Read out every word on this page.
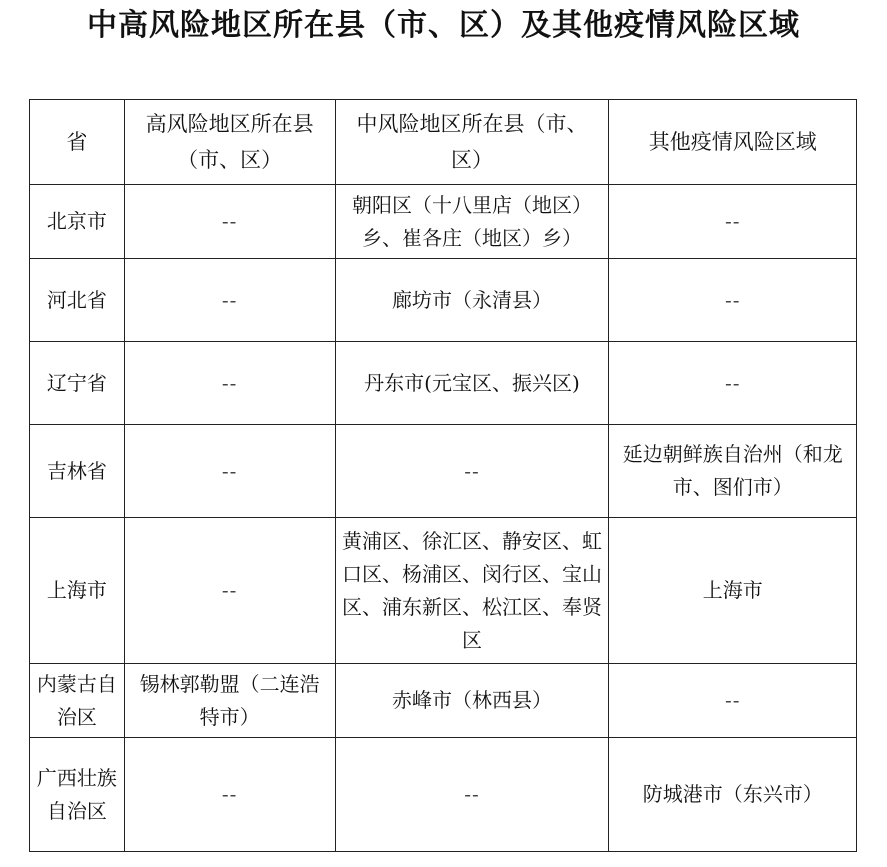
中高风险地区所在县（市、区）及其他疫情风险区域
省	高风险地区所在县（市、区）	中风险地区所在县（市、区）	其他疫情风险区域
北京市	--	朝阳区（十八里店（地区）乡、崔各庄（地区）乡）	--
河北省	--	廊坊市（永清县）	--
辽宁省	--	丹东市(元宝区、振兴区)	--
吉林省	--	--	延边朝鲜族自治州（和龙市、图们市）
上海市	--	黄浦区、徐汇区、静安区、虹口区、杨浦区、闵行区、宝山区、浦东新区、松江区、奉贤区	上海市
内蒙古自治区	锡林郭勒盟（二连浩特市）	赤峰市（林西县）	--
广西壮族自治区	--	--	防城港市（东兴市）
